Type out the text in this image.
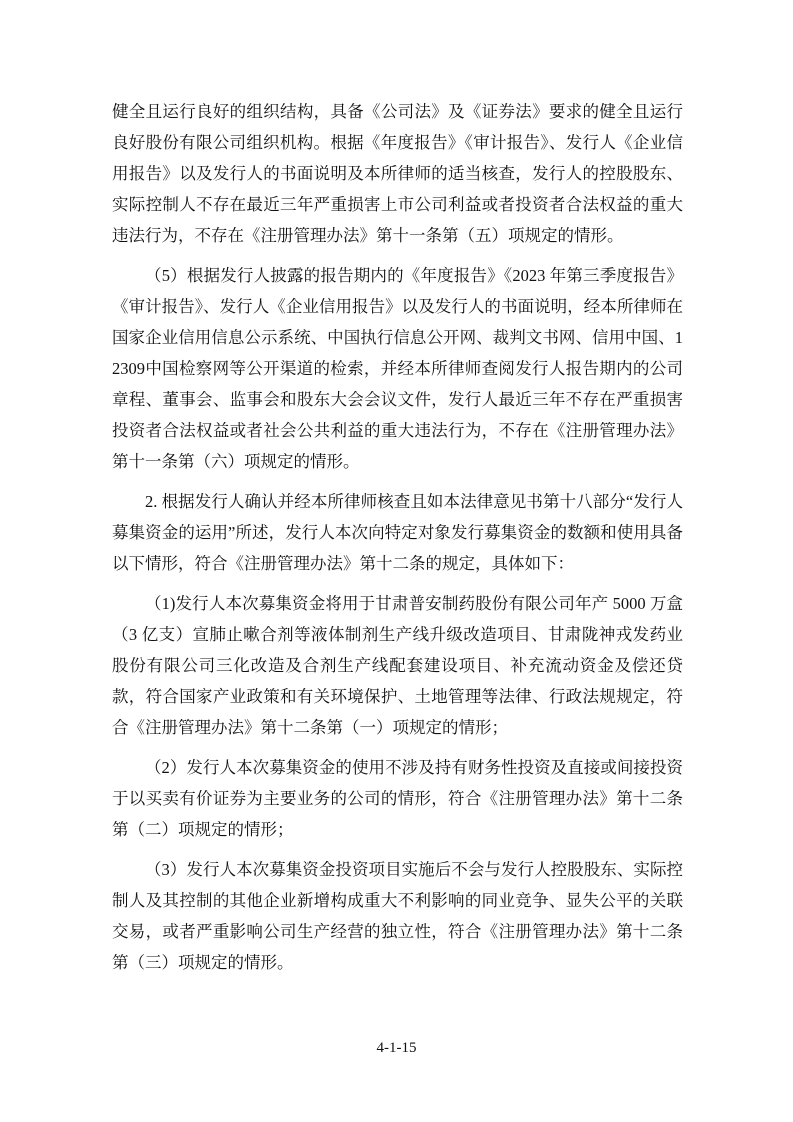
健全且运行良好的组织结构，具备《公司法》及《证券法》要求的健全且运行良好股份有限公司组织机构。根据《年度报告》《审计报告》、发行人《企业信用报告》以及发行人的书面说明及本所律师的适当核查，发行人的控股股东、实际控制人不存在最近三年严重损害上市公司利益或者投资者合法权益的重大违法行为，不存在《注册管理办法》第十一条第（五）项规定的情形。

（5）根据发行人披露的报告期内的《年度报告》《2023 年第三季度报告》《审计报告》、发行人《企业信用报告》以及发行人的书面说明，经本所律师在国家企业信用信息公示系统、中国执行信息公开网、裁判文书网、信用中国、12309中国检察网等公开渠道的检索，并经本所律师查阅发行人报告期内的公司章程、董事会、监事会和股东大会会议文件，发行人最近三年不存在严重损害投资者合法权益或者社会公共利益的重大违法行为，不存在《注册管理办法》第十一条第（六）项规定的情形。

2. 根据发行人确认并经本所律师核查且如本法律意见书第十八部分“发行人募集资金的运用”所述，发行人本次向特定对象发行募集资金的数额和使用具备以下情形，符合《注册管理办法》第十二条的规定，具体如下：

（1)发行人本次募集资金将用于甘肃普安制药股份有限公司年产 5000 万盒（3 亿支）宣肺止嗽合剂等液体制剂生产线升级改造项目、甘肃陇神戎发药业股份有限公司三化改造及合剂生产线配套建设项目、补充流动资金及偿还贷款，符合国家产业政策和有关环境保护、土地管理等法律、行政法规规定，符合《注册管理办法》第十二条第（一）项规定的情形；

（2）发行人本次募集资金的使用不涉及持有财务性投资及直接或间接投资于以买卖有价证券为主要业务的公司的情形，符合《注册管理办法》第十二条第（二）项规定的情形；

（3）发行人本次募集资金投资项目实施后不会与发行人控股股东、实际控制人及其控制的其他企业新增构成重大不利影响的同业竞争、显失公平的关联交易，或者严重影响公司生产经营的独立性，符合《注册管理办法》第十二条第（三）项规定的情形。

4-1-15
